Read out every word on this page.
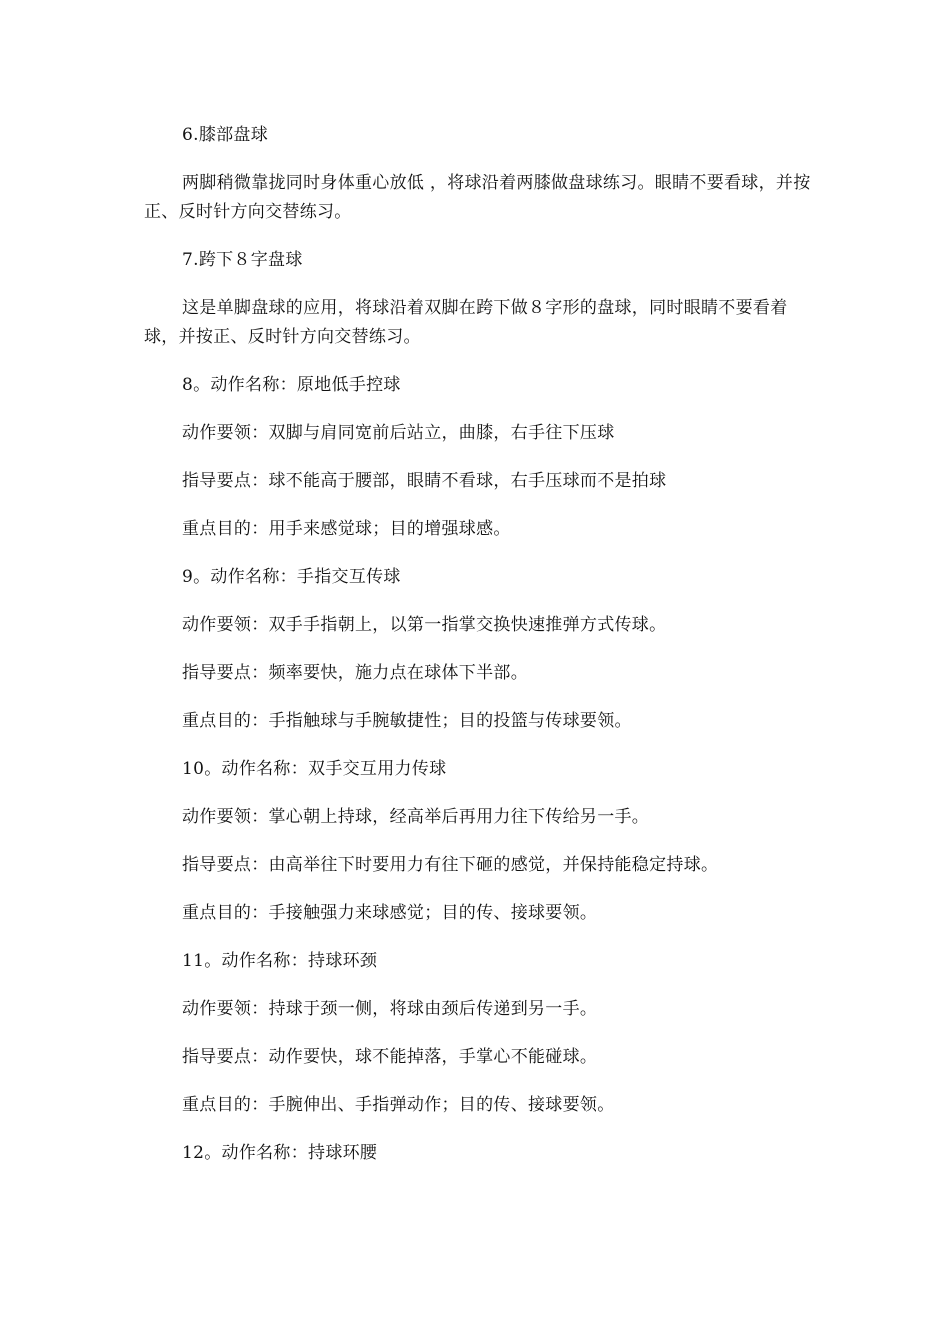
6.膝部盘球

两脚稍微靠拢同时身体重心放低 ，将球沿着两膝做盘球练习。眼睛不要看球，并按正、反时针方向交替练习。

7.跨下８字盘球

这是单脚盘球的应用，将球沿着双脚在跨下做８字形的盘球，同时眼睛不要看着球，并按正、反时针方向交替练习。

8。动作名称：原地低手控球

动作要领：双脚与肩同宽前后站立，曲膝，右手往下压球

指导要点：球不能高于腰部，眼睛不看球，右手压球而不是拍球

重点目的：用手来感觉球；目的增强球感。

9。动作名称：手指交互传球

动作要领：双手手指朝上，以第一指掌交换快速推弹方式传球。

指导要点：频率要快，施力点在球体下半部。

重点目的：手指触球与手腕敏捷性；目的投篮与传球要领。

10。动作名称：双手交互用力传球

动作要领：掌心朝上持球，经高举后再用力往下传给另一手。

指导要点：由高举往下时要用力有往下砸的感觉，并保持能稳定持球。

重点目的：手接触强力来球感觉；目的传、接球要领。

11。动作名称：持球环颈

动作要领：持球于颈一侧，将球由颈后传递到另一手。

指导要点：动作要快，球不能掉落，手掌心不能碰球。

重点目的：手腕伸出、手指弹动作；目的传、接球要领。

12。动作名称：持球环腰
